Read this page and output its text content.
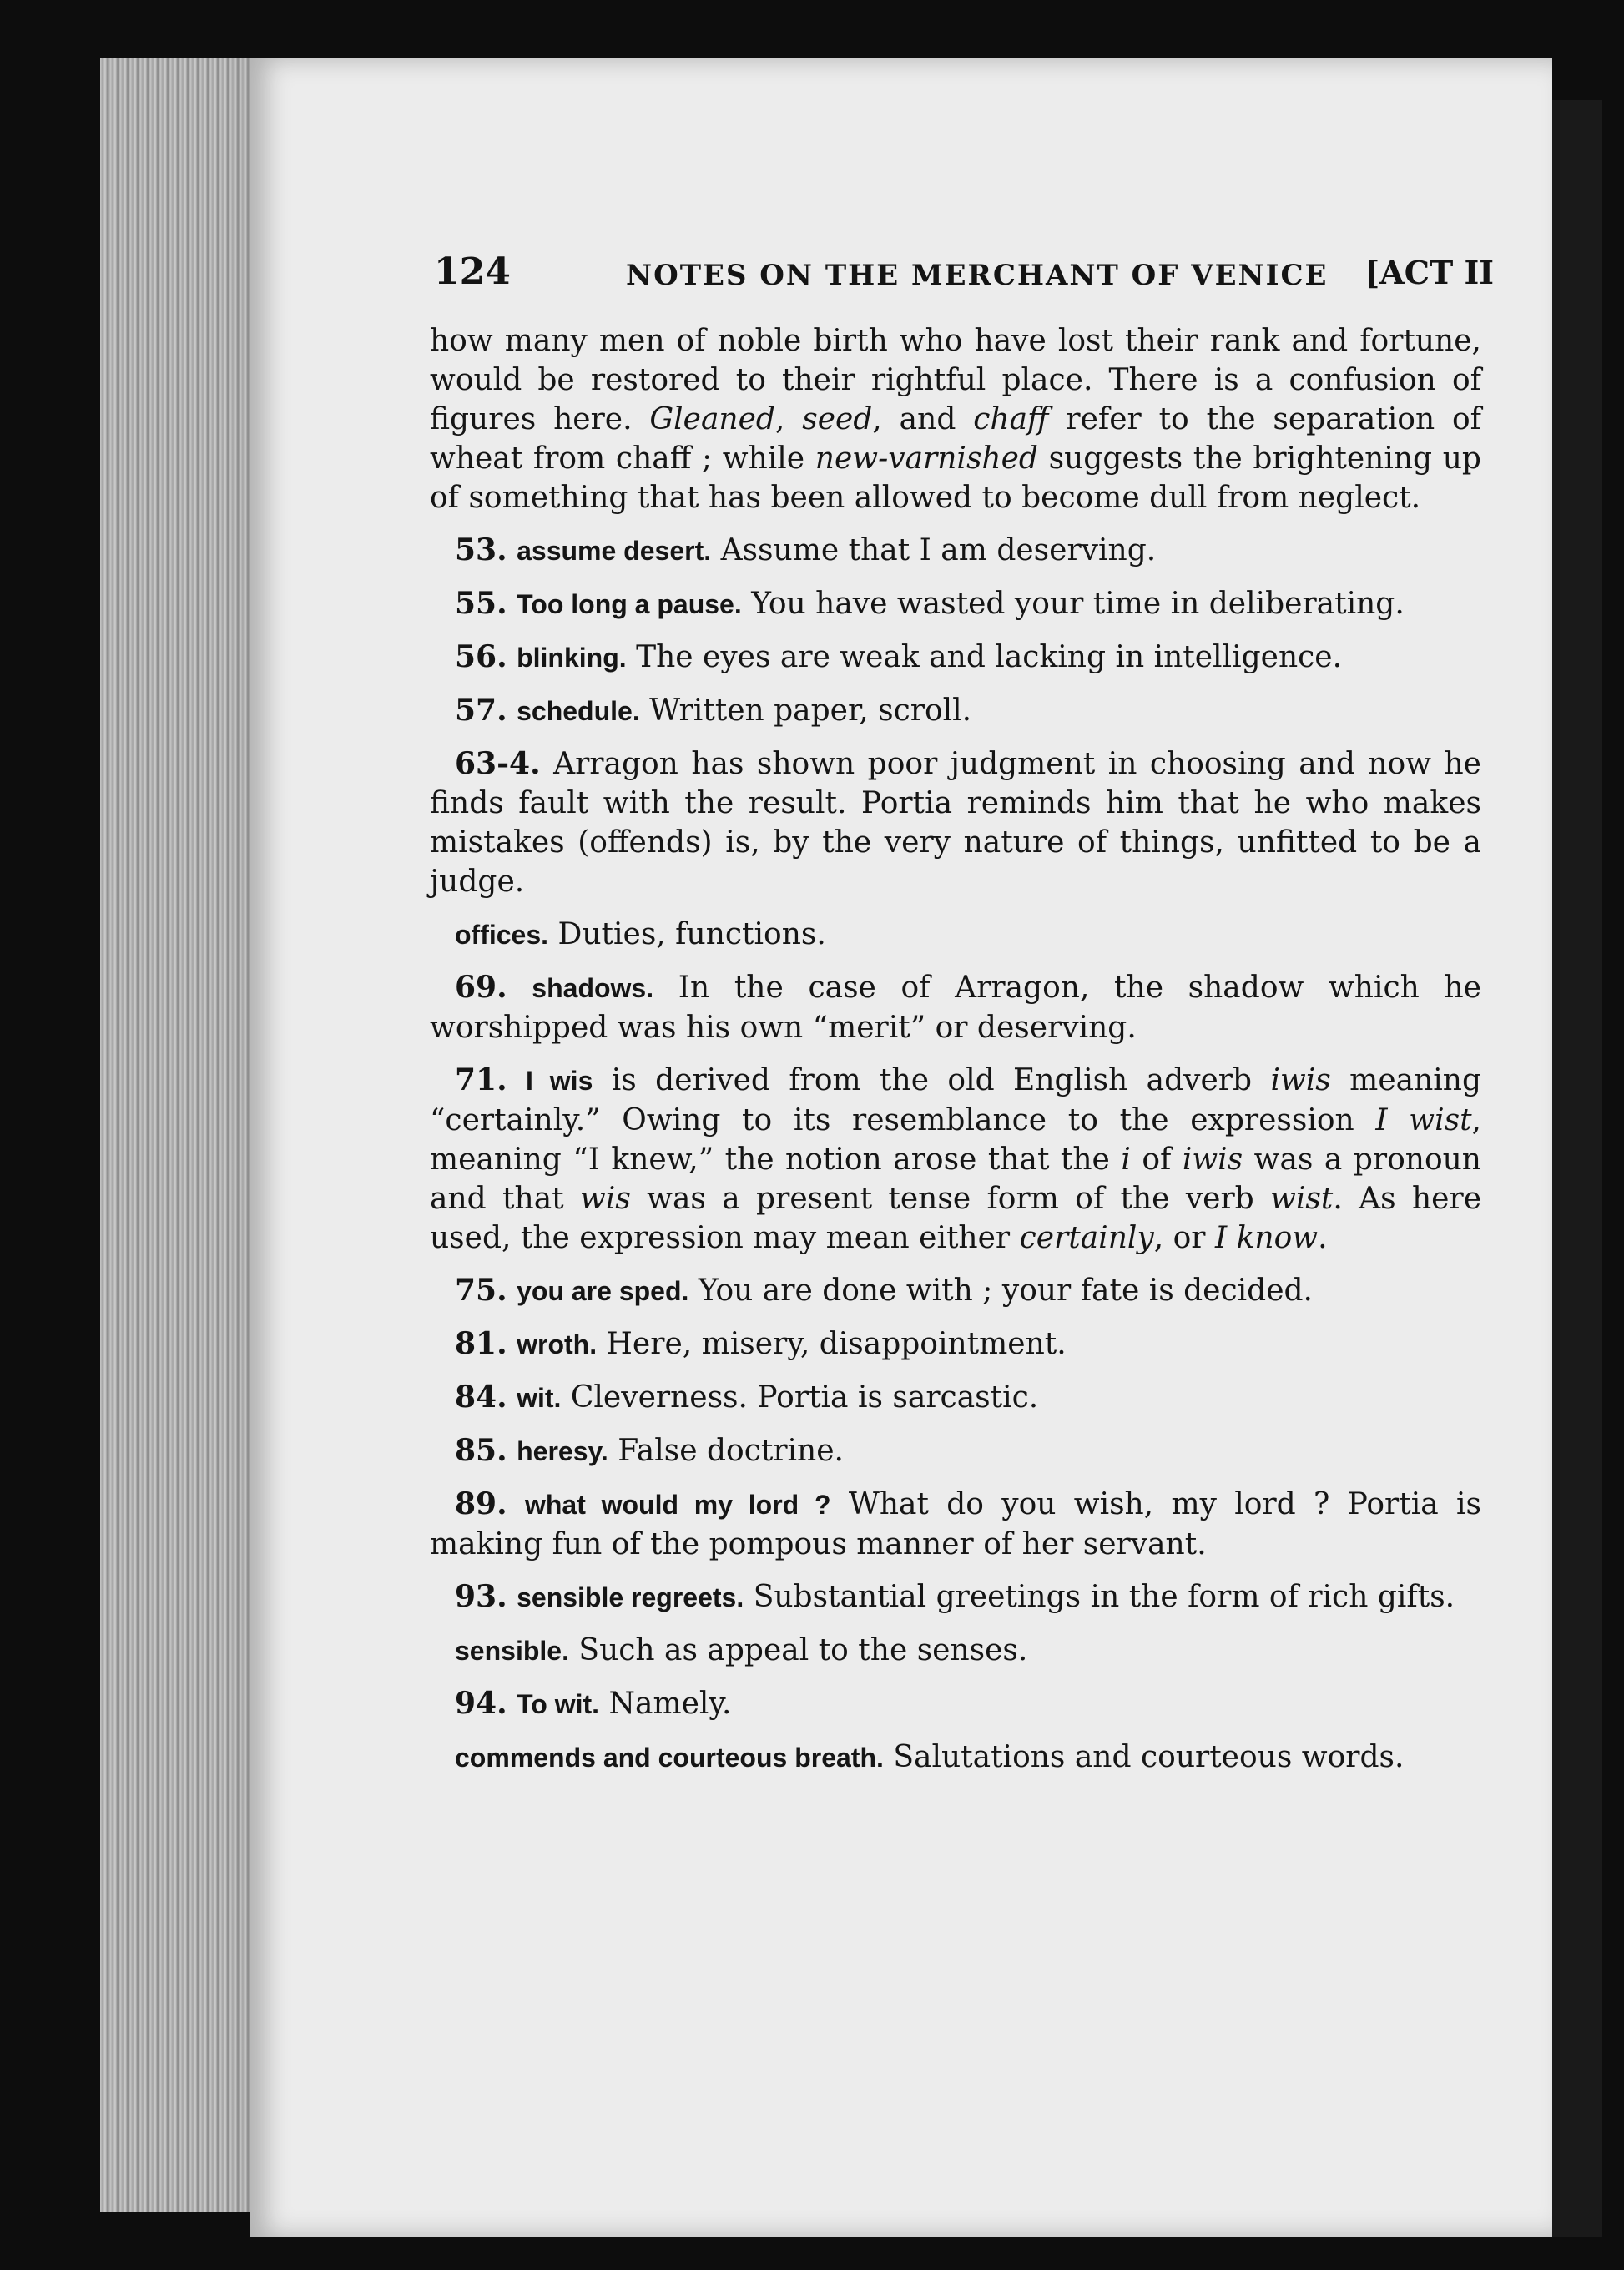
124	NOTES ON THE MERCHANT OF VENICE [ACT II

how many men of noble birth who have lost their rank and fortune, would be restored to their rightful place. There is a confusion of figures here. Gleaned, seed, and chaff refer to the separation of wheat from chaff ; while new-varnished suggests the brightening up of something that has been allowed to become dull from neglect.

53. assume desert. Assume that I am deserving.

55. Too long a pause. You have wasted your time in deliberating.

56. blinking. The eyes are weak and lacking in intelligence.

57. schedule. Written paper, scroll.

63-4. Arragon has shown poor judgment in choosing and now he finds fault with the result. Portia reminds him that he who makes mistakes (offends) is, by the very nature of things, unfitted to be a judge.

offices. Duties, functions.

69. shadows. In the case of Arragon, the shadow which he worshipped was his own “merit” or deserving.

71. I wis is derived from the old English adverb iwis meaning “certainly.” Owing to its resemblance to the expression I wist, meaning “I knew,” the notion arose that the i of iwis was a pronoun and that wis was a present tense form of the verb wist. As here used, the expression may mean either certainly, or I know.

75. you are sped. You are done with ; your fate is decided.

81. wroth. Here, misery, disappointment.

84. wit. Cleverness. Portia is sarcastic.

85. heresy. False doctrine.

89. what would my lord ? What do you wish, my lord ? Portia is making fun of the pompous manner of her servant.

93. sensible regreets. Substantial greetings in the form of rich gifts.

sensible. Such as appeal to the senses.

94. To wit. Namely.

commends and courteous breath. Salutations and courteous words.
